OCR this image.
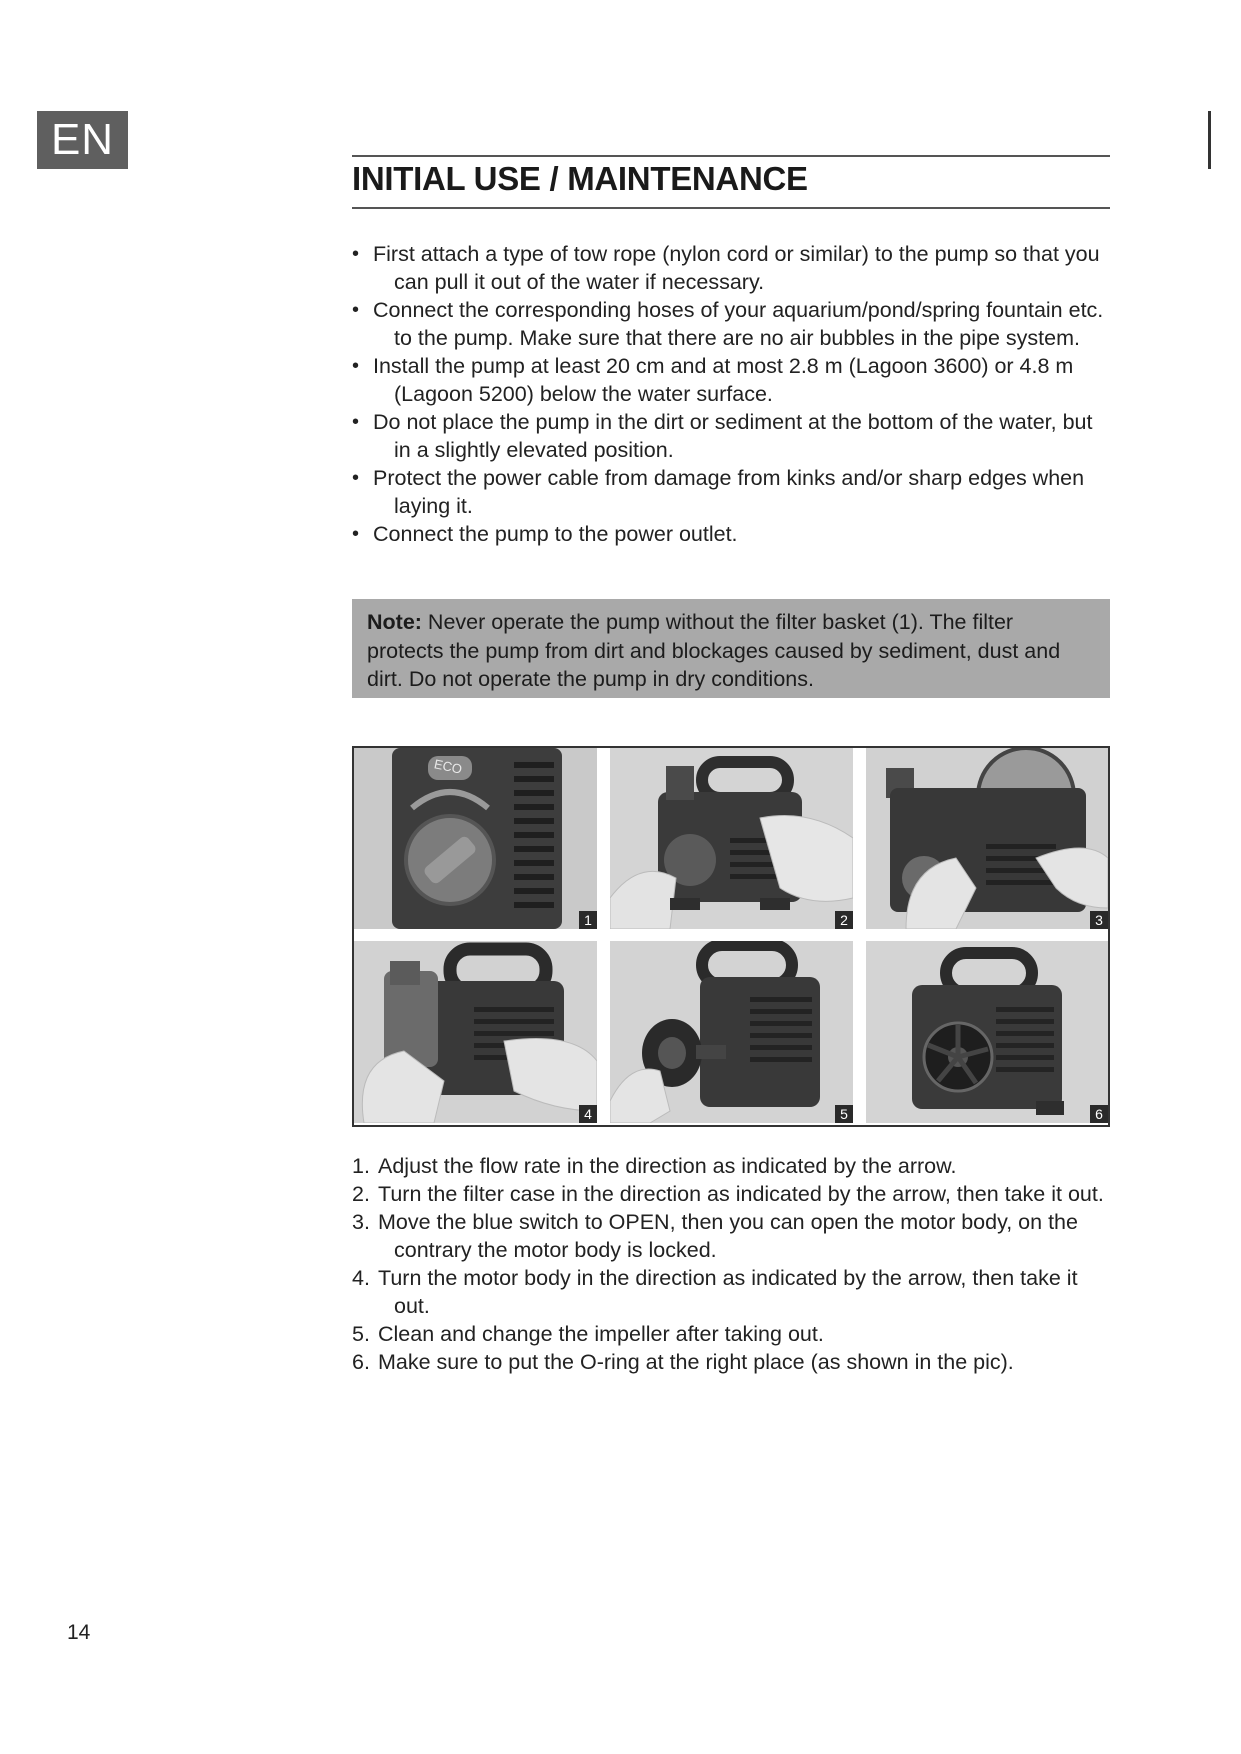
EN
INITIAL USE / MAINTENANCE
• First attach a type of tow rope (nylon cord or similar) to the pump so that you can pull it out of the water if necessary.
• Connect the corresponding hoses of your aquarium/pond/spring fountain etc. to the pump. Make sure that there are no air bubbles in the pipe system.
• Install the pump at least 20 cm and at most 2.8 m (Lagoon 3600) or 4.8 m (Lagoon 5200) below the water surface.
• Do not place the pump in the dirt or sediment at the bottom of the water, but in a slightly elevated position.
• Protect the power cable from damage from kinks and/or sharp edges when laying it.
• Connect the pump to the power outlet.
Note: Never operate the pump without the filter basket (1). The filter protects the pump from dirt and blockages caused by sediment, dust and dirt. Do not operate the pump in dry conditions.
ECO
1	2	3
4	5	6
1. Adjust the flow rate in the direction as indicated by the arrow.
2. Turn the filter case in the direction as indicated by the arrow, then take it out.
3. Move the blue switch to OPEN, then you can open the motor body, on the contrary the motor body is locked.
4. Turn the motor body in the direction as indicated by the arrow, then take it out.
5. Clean and change the impeller after taking out.
6. Make sure to put the O-ring at the right place (as shown in the pic).
14
